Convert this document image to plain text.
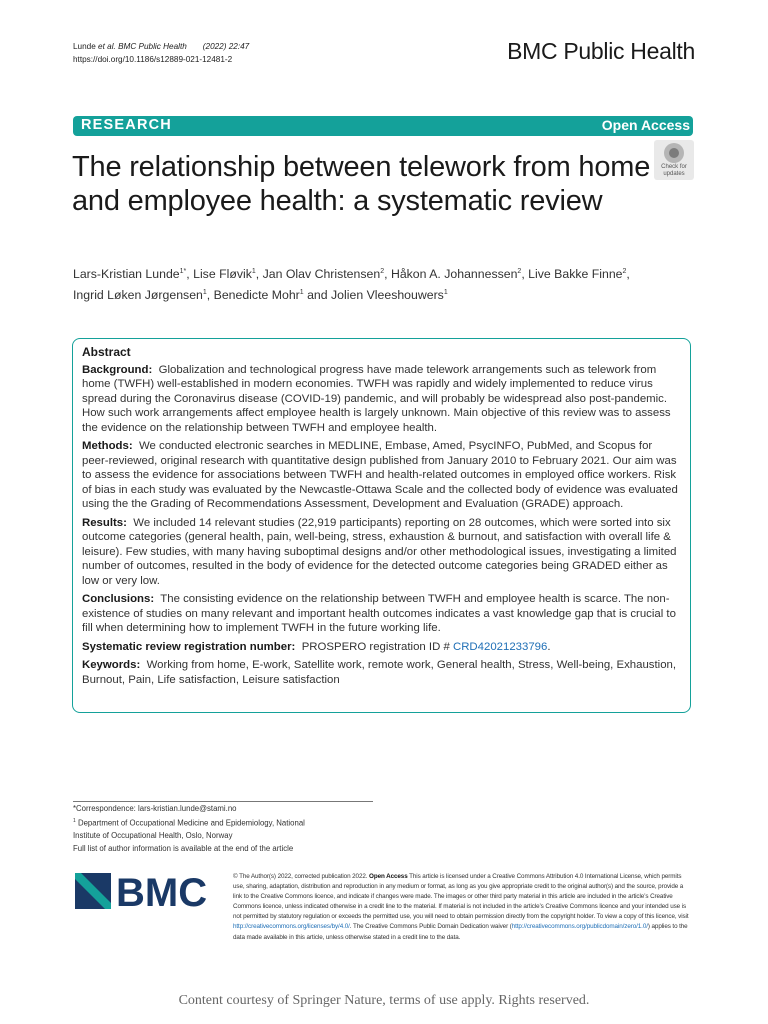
Lunde et al. BMC Public Health (2022) 22:47
https://doi.org/10.1186/s12889-021-12481-2	BMC Public Health
RESEARCH	Open Access
The relationship between telework from home and employee health: a systematic review
Check for
updates
Lars-Kristian Lunde$^{1*}$, Lise Fløvik$^1$, Jan Olav Christensen$^2$, Håkon A. Johannessen$^2$, Live Bakke Finne$^2$,
Ingrid Løken Jørgensen$^1$, Benedicte Mohr$^1$ and Jolien Vleeshouwers$^1$
Abstract

Background: Globalization and technological progress have made telework arrangements such as telework from home (TWFH) well-established in modern economies. TWFH was rapidly and widely implemented to reduce virus spread during the Coronavirus disease (COVID-19) pandemic, and will probably be widespread also post-pandemic. How such work arrangements affect employee health is largely unknown. Main objective of this review was to assess the evidence on the relationship between TWFH and employee health.

Methods: We conducted electronic searches in MEDLINE, Embase, Amed, PsycINFO, PubMed, and Scopus for peer-reviewed, original research with quantitative design published from January 2010 to February 2021. Our aim was to assess the evidence for associations between TWFH and health-related outcomes in employed office workers. Risk of bias in each study was evaluated by the Newcastle-Ottawa Scale and the collected body of evidence was evaluated using the the Grading of Recommendations Assessment, Development and Evaluation (GRADE) approach.

Results: We included 14 relevant studies (22,919 participants) reporting on 28 outcomes, which were sorted into six outcome categories (general health, pain, well-being, stress, exhaustion & burnout, and satisfaction with overall life & leisure). Few studies, with many having suboptimal designs and/or other methodological issues, investigating a limited number of outcomes, resulted in the body of evidence for the detected outcome categories being GRADED either as low or very low.

Conclusions: The consisting evidence on the relationship between TWFH and employee health is scarce. The non-existence of studies on many relevant and important health outcomes indicates a vast knowledge gap that is crucial to fill when determining how to implement TWFH in the future working life.

Systematic review registration number: PROSPERO registration ID # CRD42021233796.

Keywords: Working from home, E-work, Satellite work, remote work, General health, Stress, Well-being, Exhaustion, Burnout, Pain, Life satisfaction, Leisure satisfaction

*Correspondence: lars-kristian.lunde@stami.no
$^1$ Department of Occupational Medicine and Epidemiology, National
Institute of Occupational Health, Oslo, Norway
Full list of author information is available at the end of the article
BMC	© The Author(s) 2022, corrected publication 2022. Open Access This article is licensed under a Creative Commons Attribution 4.0 International License, which permits use, sharing, adaptation, distribution and reproduction in any medium or format, as long as you give appropriate credit to the original author(s) and the source, provide a link to the Creative Commons licence, and indicate if changes were made. The images or other third party material in this article are included in the article’s Creative Commons licence, unless indicated otherwise in a credit line to the material. If material is not included in the article’s Creative Commons licence and your intended use is not permitted by statutory regulation or exceeds the permitted use, you will need to obtain permission directly from the copyright holder. To view a copy of this licence, visit http://creativecommons.org/licenses/by/4.0/. The Creative Commons Public Domain Dedication waiver (http://creativecommons.org/publicdomain/zero/1.0/) applies to the data made available in this article, unless otherwise stated in a credit line to the data.
Content courtesy of Springer Nature, terms of use apply. Rights reserved.
